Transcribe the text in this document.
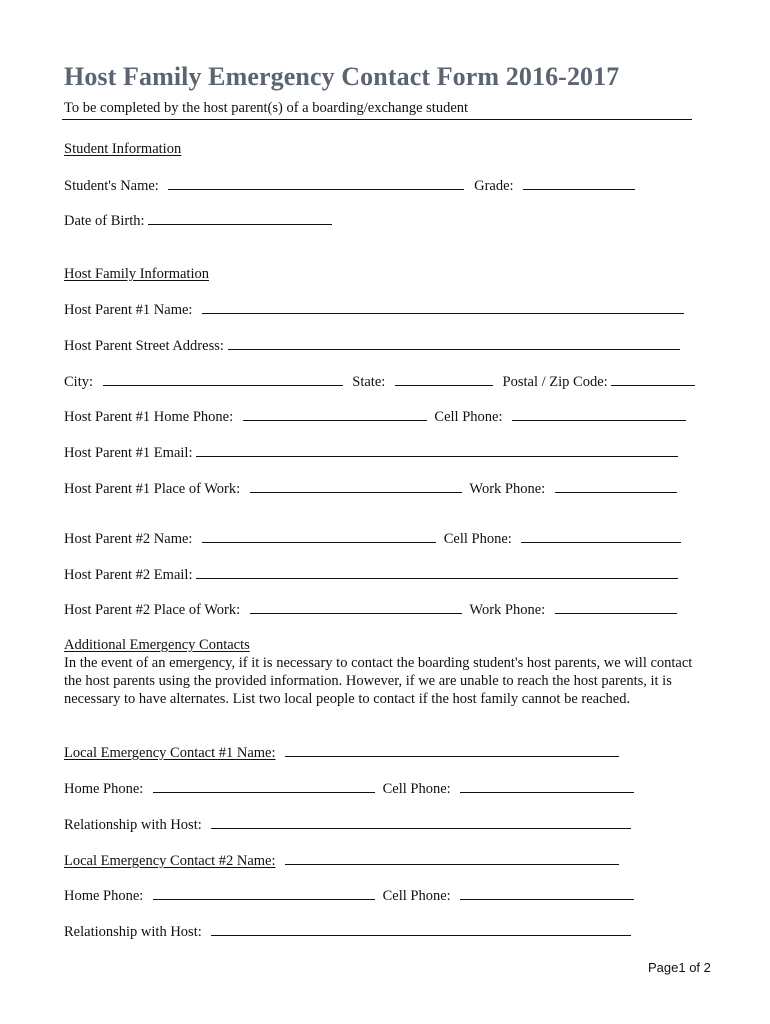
Host Family Emergency Contact Form 2016-2017
To be completed by the host parent(s) of a boarding/exchange student
Student Information
Student's Name:	Grade:
Date of Birth:
Host Family Information
Host Parent #1 Name:
Host Parent Street Address:
City:	State:	Postal / Zip Code:
Host Parent #1 Home Phone:	Cell Phone:
Host Parent #1 Email:
Host Parent #1 Place of Work:	Work Phone:
Host Parent #2 Name:	Cell Phone:
Host Parent #2 Email:
Host Parent #2 Place of Work:	Work Phone:
Additional Emergency Contacts
In the event of an emergency, if it is necessary to contact the boarding student's host parents, we will contact the host parents using the provided information. However, if we are unable to reach the host parents, it is necessary to have alternates. List two local people to contact if the host family cannot be reached.
Local Emergency Contact #1 Name:
Home Phone:	Cell Phone:
Relationship with Host:
Local Emergency Contact #2 Name:
Home Phone:	Cell Phone:
Relationship with Host:
Page1 of 2
